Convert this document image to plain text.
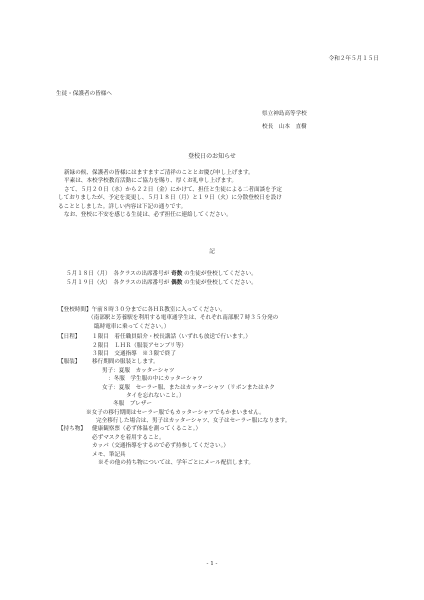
令和２年５月１５日
生徒・保護者の皆様へ
県立神島高等学校
校長　山本　直樹
登校日のお知らせ
新緑の候、保護者の皆様にはますますご清祥のこととお慶び申し上げます。
平素は、本校学校教育活動にご協力を賜り、厚くお礼申し上げます。
さて、５月２０日（水）から２２日（金）にかけて、担任と生徒による二者面談を予定
しておりましたが、予定を変更し、５月１８日（月）と１９日（火）に分散登校日を設け
ることとしました。詳しい内容は下記の通りです。
なお、登校に不安を感じる生徒は、必ず担任に連絡してください。
記
５月１８日（月）　各クラスの出席番号が 奇数 の生徒が登校してください。
５月１９日（火）　各クラスの出席番号が 偶数 の生徒が登校してください。
【登校時間】午前８時３０分までに各ＨＲ教室に入ってください。
（南部駅と芳養駅を利用する電車通学生は、それぞれ南部駅７時３５分発の
臨時電車に乗ってください。）
【日程】 １限目　着任職員紹介・校長講話（いずれも放送で行います。）
２限目　ＬＨＲ（服装アセンブリ等）
３限目　交通指導　※３限で終了
【服装】 移行期間の服装とします。
男子：夏服　カッターシャツ
：冬服　学生服の中にカッターシャツ
女子：夏服　セーラー服、またはカッターシャツ（リボンまたはネク
タイを忘れないこと。）
冬服　ブレザー
※女子の移行期間はセーラー服でもカッターシャツでもかまいません。
完全移行した場合は、男子はカッターシャツ、女子はセーラー服になります。
【持ち物】 健康観察票（必ず体温を測ってくること。）
必ずマスクを着用すること。
カッパ（交通指導をするので必ず持参してください。）
メモ、筆記具
※その他の持ち物については、学年ごとにメール配信します。
- 1 -
